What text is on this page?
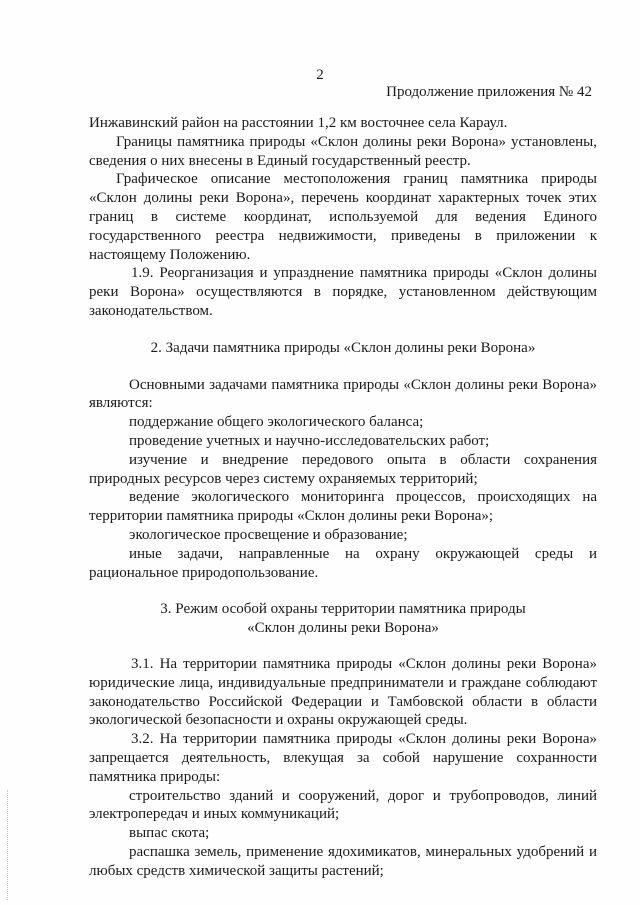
2
Продолжение приложения № 42

Инжавинский район на расстоянии 1,2 км восточнее села Караул.

Границы памятника природы «Склон долины реки Ворона» установлены, сведения о них внесены в Единый государственный реестр.

Графическое описание местоположения границ памятника природы «Склон долины реки Ворона», перечень координат характерных точек этих границ в системе координат, используемой для ведения Единого государственного реестра недвижимости, приведены в приложении к настоящему Положению.

1.9. Реорганизация и упразднение памятника природы «Склон долины реки Ворона» осуществляются в порядке, установленном действующим законодательством.

2. Задачи памятника природы «Склон долины реки Ворона»

Основными задачами памятника природы «Склон долины реки Ворона» являются:

поддержание общего экологического баланса;

проведение учетных и научно-исследовательских работ;

изучение и внедрение передового опыта в области сохранения природных ресурсов через систему охраняемых территорий;

ведение экологического мониторинга процессов, происходящих на территории памятника природы «Склон долины реки Ворона»;

экологическое просвещение и образование;

иные задачи, направленные на охрану окружающей среды и рациональное природопользование.

3. Режим особой охраны территории памятника природы

«Склон долины реки Ворона»

3.1. На территории памятника природы «Склон долины реки Ворона» юридические лица, индивидуальные предприниматели и граждане соблюдают законодательство Российской Федерации и Тамбовской области в области экологической безопасности и охраны окружающей среды.

3.2. На территории памятника природы «Склон долины реки Ворона» запрещается деятельность, влекущая за собой нарушение сохранности памятника природы:

строительство зданий и сооружений, дорог и трубопроводов, линий электропередач и иных коммуникаций;

выпас скота;

распашка земель, применение ядохимикатов, минеральных удобрений и любых средств химической защиты растений;
